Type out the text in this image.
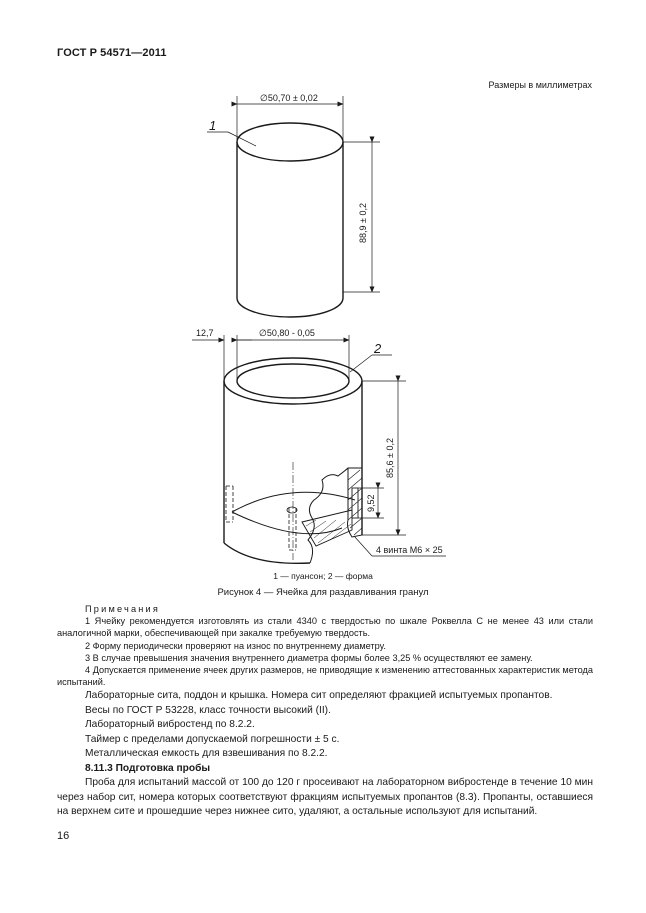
ГОСТ Р 54571—2011
Размеры в миллиметрах
∅50,70 ± 0,02
1
88,9 ± 0,2
12,7	∅50,80 - 0,05
2
85,6 ± 0,2
9,52
4 винта М6 × 25
1 — пуансон; 2 — форма
Рисунок 4 — Ячейка для раздавливания гранул
Примечания
1 Ячейку рекомендуется изготовлять из стали 4340 с твердостью по шкале Роквелла С не менее 43 или стали аналогичной марки, обеспечивающей при закалке требуемую твердость.
2 Форму периодически проверяют на износ по внутреннему диаметру.
3 В случае превышения значения внутреннего диаметра формы более 3,25 % осуществляют ее замену.
4 Допускается применение ячеек других размеров, не приводящие к изменению аттестованных характеристик метода испытаний.
Лабораторные сита, поддон и крышка. Номера сит определяют фракцией испытуемых пропантов.
Весы по ГОСТ Р 53228, класс точности высокий (II).
Лабораторный вибростенд по 8.2.2.
Таймер с пределами допускаемой погрешности ± 5 с.
Металлическая емкость для взвешивания по 8.2.2.
8.11.3 Подготовка пробы
Проба для испытаний массой от 100 до 120 г просеивают на лабораторном вибростенде в течение 10 мин через набор сит, номера которых соответствуют фракциям испытуемых пропантов (8.3). Пропанты, оставшиеся на верхнем сите и прошедшие через нижнее сито, удаляют, а остальные используют для испытаний.
16
